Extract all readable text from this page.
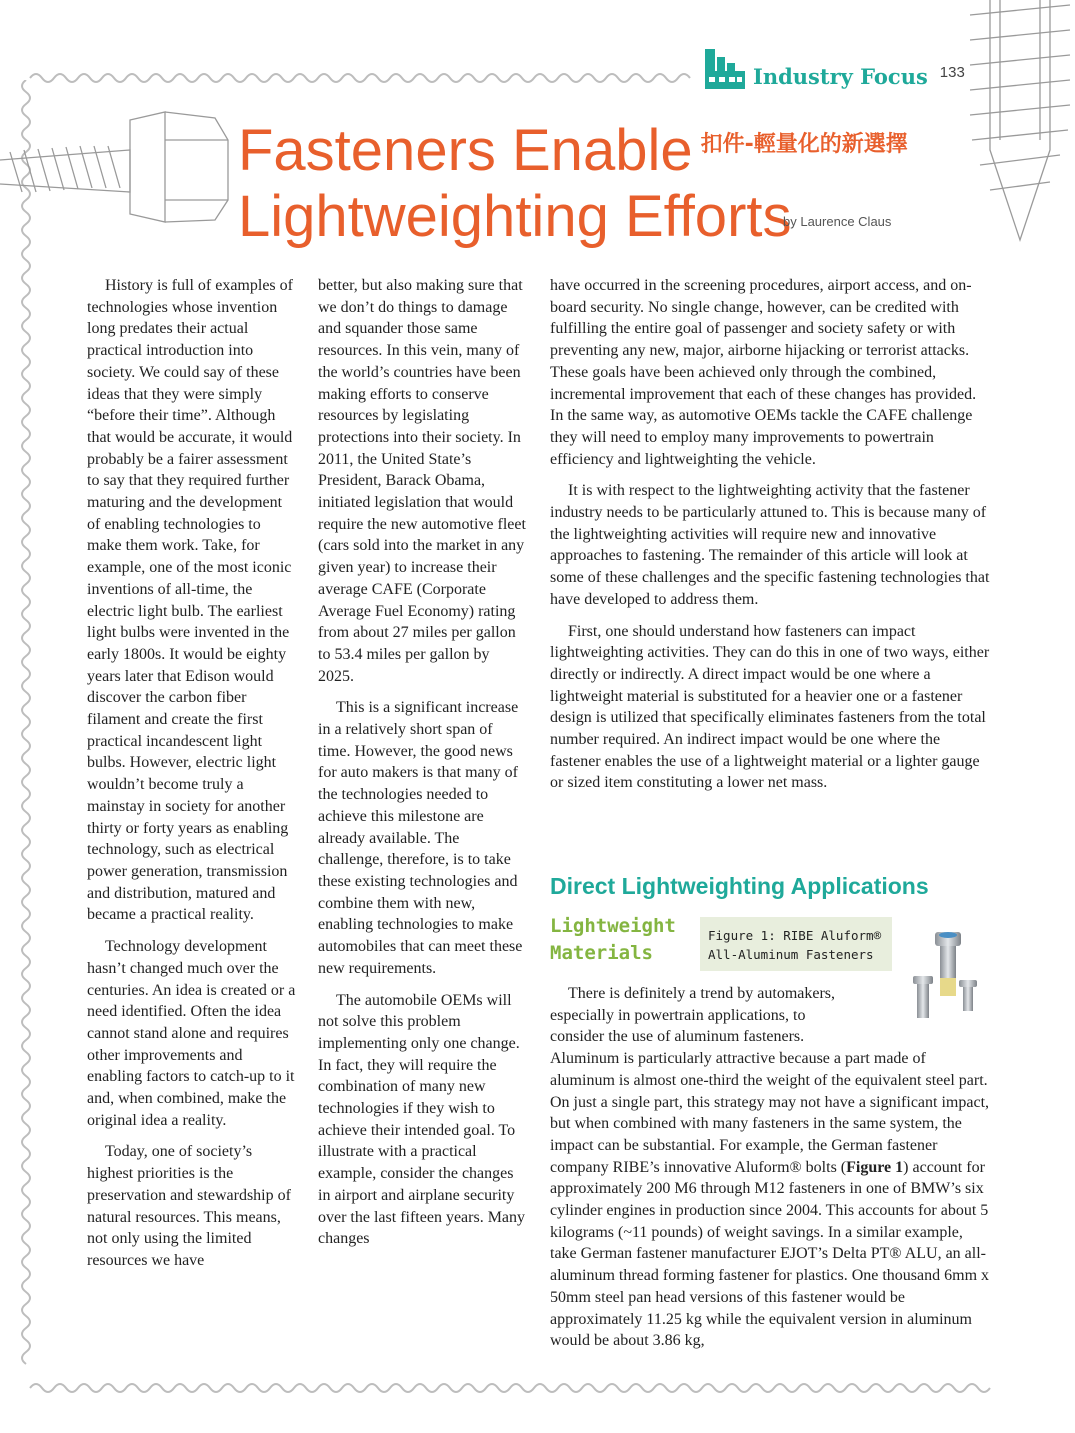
Industry Focus 133
Fasteners Enable 扣件-輕量化的新選擇
Lightweighting Efforts
by Laurence Claus

History is full of examples of technologies whose invention long predates their actual practical introduction into society. We could say of these ideas that they were simply “before their time”. Although that would be accurate, it would probably be a fairer assessment to say that they required further maturing and the development of enabling technologies to make them work. Take, for example, one of the most iconic inventions of all-time, the electric light bulb. The earliest light bulbs were invented in the early 1800s. It would be eighty years later that Edison would discover the carbon fiber filament and create the first practical incandescent light bulbs. However, electric light wouldn’t become truly a mainstay in society for another thirty or forty years as enabling technology, such as electrical power generation, transmission and distribution, matured and became a practical reality.

Technology development hasn’t changed much over the centuries. An idea is created or a need identified. Often the idea cannot stand alone and requires other improvements and enabling factors to catch-up to it and, when combined, make the original idea a reality.

Today, one of society’s highest priorities is the preservation and stewardship of natural resources. This means, not only using the limited resources we have

better, but also making sure that we don’t do things to damage and squander those same resources. In this vein, many of the world’s countries have been making efforts to conserve resources by legislating protections into their society. In 2011, the United State’s President, Barack Obama, initiated legislation that would require the new automotive fleet (cars sold into the market in any given year) to increase their average CAFE (Corporate Average Fuel Economy) rating from about 27 miles per gallon to 53.4 miles per gallon by 2025.

This is a significant increase in a relatively short span of time. However, the good news for auto makers is that many of the technologies needed to achieve this milestone are already available. The challenge, therefore, is to take these existing technologies and combine them with new, enabling technologies to make automobiles that can meet these new requirements.

The automobile OEMs will not solve this problem implementing only one change. In fact, they will require the combination of many new technologies if they wish to achieve their intended goal. To illustrate with a practical example, consider the changes in airport and airplane security over the last fifteen years. Many changes

have occurred in the screening procedures, airport access, and on-board security. No single change, however, can be credited with fulfilling the entire goal of passenger and society safety or with preventing any new, major, airborne hijacking or terrorist attacks. These goals have been achieved only through the combined, incremental improvement that each of these changes has provided. In the same way, as automotive OEMs tackle the CAFE challenge they will need to employ many improvements to powertrain efficiency and lightweighting the vehicle.

It is with respect to the lightweighting activity that the fastener industry needs to be particularly attuned to. This is because many of the lightweighting activities will require new and innovative approaches to fastening. The remainder of this article will look at some of these challenges and the specific fastening technologies that have developed to address them.

First, one should understand how fasteners can impact lightweighting activities. They can do this in one of two ways, either directly or indirectly. A direct impact would be one where a lightweight material is substituted for a heavier one or a fastener design is utilized that specifically eliminates fasteners from the total number required. An indirect impact would be one where the fastener enables the use of a lightweight material or a lighter gauge or sized item constituting a lower net mass.

Direct Lightweighting Applications
Lightweight Materials
Figure 1: RIBE Aluform®
All-Aluminum Fasteners

There is definitely a trend by automakers,

especially in powertrain applications, to

consider the use of aluminum fasteners.

Aluminum is particularly attractive because a part made of aluminum is almost one-third the weight of the equivalent steel part. On just a single part, this strategy may not have a significant impact, but when combined with many fasteners in the same system, the impact can be substantial. For example, the German fastener company RIBE’s innovative Aluform® bolts (Figure 1) account for approximately 200 M6 through M12 fasteners in one of BMW’s six cylinder engines in production since 2004. This accounts for about 5 kilograms (~11 pounds) of weight savings. In a similar example, take German fastener manufacturer EJOT’s Delta PT® ALU, an all-aluminum thread forming fastener for plastics. One thousand 6mm x 50mm steel pan head versions of this fastener would be approximately 11.25 kg while the equivalent version in aluminum would be about 3.86 kg,
